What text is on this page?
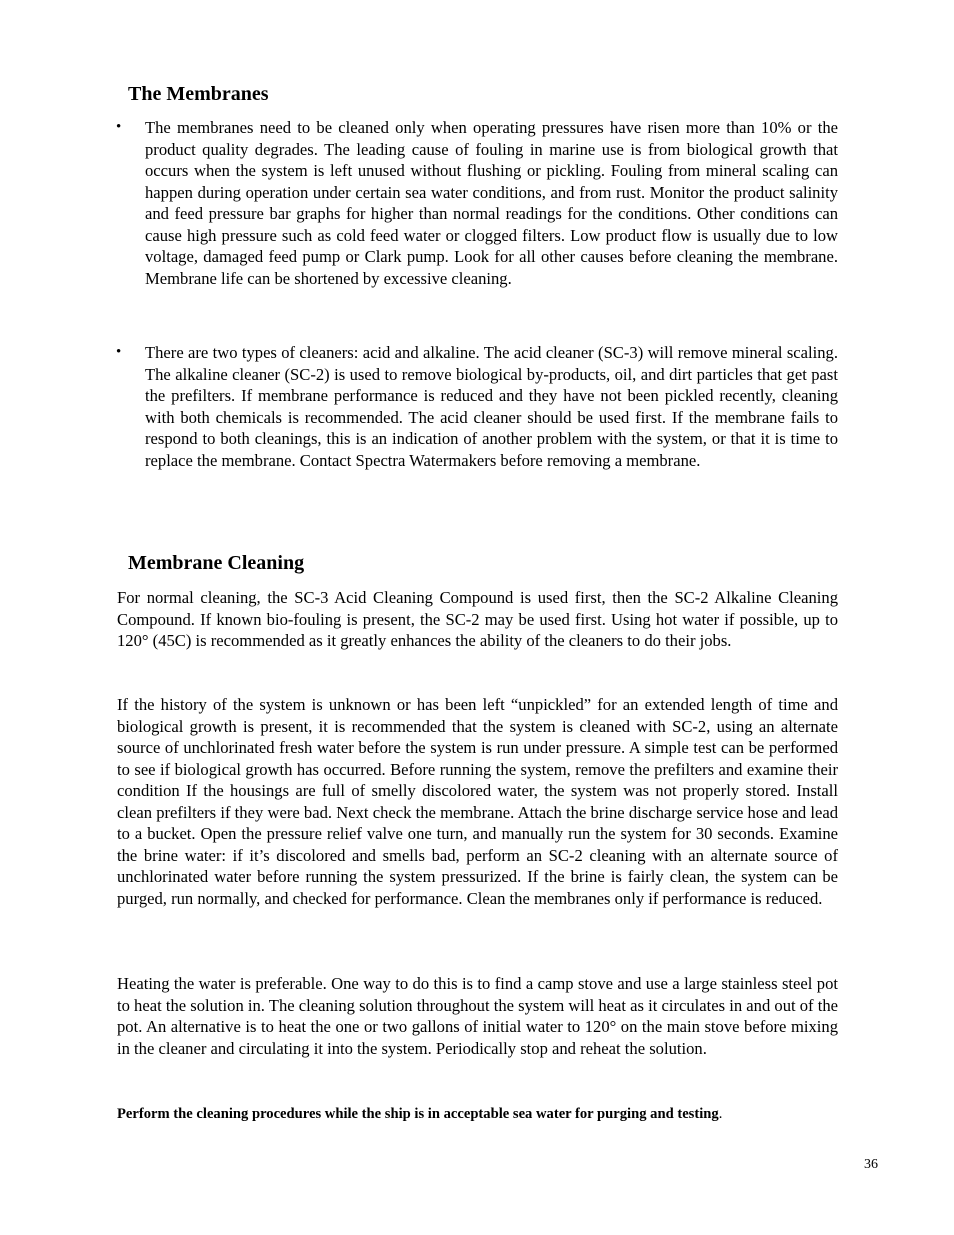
The Membranes
• The membranes need to be cleaned only when operating pressures have risen more than 10% or the product quality degrades. The leading cause of fouling in marine use is from biological growth that occurs when the system is left unused without flushing or pickling. Fouling from mineral scaling can happen during operation under certain sea water conditions, and from rust. Monitor the product salinity and feed pressure bar graphs for higher than normal readings for the conditions. Other conditions can cause high pressure such as cold feed water or clogged filters. Low product flow is usually due to low voltage, damaged feed pump or Clark pump. Look for all other causes before cleaning the membrane. Membrane life can be shortened by excessive cleaning.
• There are two types of cleaners: acid and alkaline. The acid cleaner (SC-3) will remove mineral scaling. The alkaline cleaner (SC-2) is used to remove biological by-products, oil, and dirt particles that get past the prefilters. If membrane performance is reduced and they have not been pickled recently, cleaning with both chemicals is recommended. The acid cleaner should be used first. If the membrane fails to respond to both cleanings, this is an indication of another problem with the system, or that it is time to replace the membrane. Contact Spectra Watermakers before removing a membrane.
Membrane Cleaning

For normal cleaning, the SC-3 Acid Cleaning Compound is used first, then the SC-2 Alkaline Cleaning Compound. If known bio-fouling is present, the SC-2 may be used first. Using hot water if possible, up to 120° (45C) is recommended as it greatly enhances the ability of the cleaners to do their jobs.

If the history of the system is unknown or has been left “unpickled” for an extended length of time and biological growth is present, it is recommended that the system is cleaned with SC-2, using an alternate source of unchlorinated fresh water before the system is run under pressure. A simple test can be performed to see if biological growth has occurred. Before running the system, remove the prefilters and examine their condition If the housings are full of smelly discolored water, the system was not properly stored. Install clean prefilters if they were bad. Next check the membrane. Attach the brine discharge service hose and lead to a bucket. Open the pressure relief valve one turn, and manually run the system for 30 seconds. Examine the brine water: if it’s discolored and smells bad, perform an SC-2 cleaning with an alternate source of unchlorinated water before running the system pressurized. If the brine is fairly clean, the system can be purged, run normally, and checked for performance. Clean the membranes only if performance is reduced.

Heating the water is preferable. One way to do this is to find a camp stove and use a large stainless steel pot to heat the solution in. The cleaning solution throughout the system will heat as it circulates in and out of the pot. An alternative is to heat the one or two gallons of initial water to 120° on the main stove before mixing in the cleaner and circulating it into the system. Periodically stop and reheat the solution.

Perform the cleaning procedures while the ship is in acceptable sea water for purging and testing.

36
